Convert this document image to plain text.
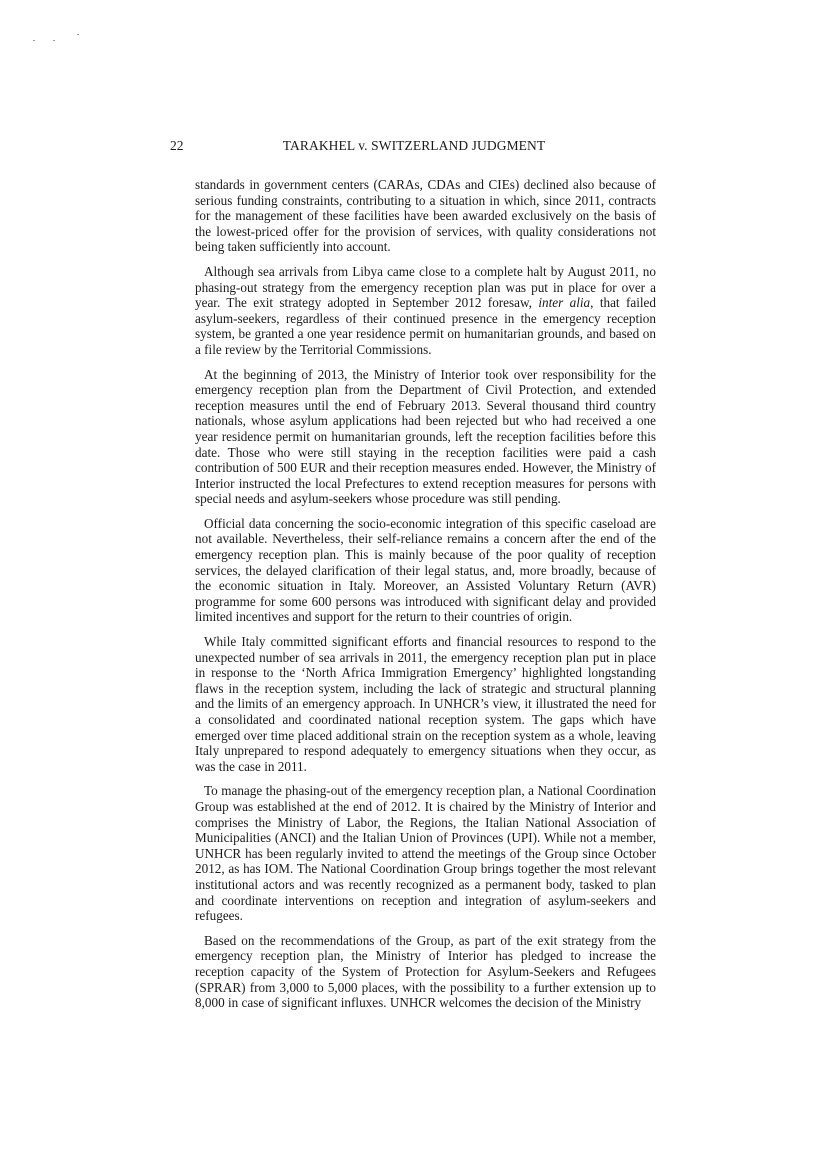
22	TARAKHEL v. SWITZERLAND JUDGMENT

standards in government centers (CARAs, CDAs and CIEs) declined also because of serious funding constraints, contributing to a situation in which, since 2011, contracts for the management of these facilities have been awarded exclusively on the basis of the lowest-priced offer for the provision of services, with quality considerations not being taken sufficiently into account.

Although sea arrivals from Libya came close to a complete halt by August 2011, no phasing-out strategy from the emergency reception plan was put in place for over a year. The exit strategy adopted in September 2012 foresaw, inter alia, that failed asylum-seekers, regardless of their continued presence in the emergency reception system, be granted a one year residence permit on humanitarian grounds, and based on a file review by the Territorial Commissions.

At the beginning of 2013, the Ministry of Interior took over responsibility for the emergency reception plan from the Department of Civil Protection, and extended reception measures until the end of February 2013. Several thousand third country nationals, whose asylum applications had been rejected but who had received a one year residence permit on humanitarian grounds, left the reception facilities before this date. Those who were still staying in the reception facilities were paid a cash contribution of 500 EUR and their reception measures ended. However, the Ministry of Interior instructed the local Prefectures to extend reception measures for persons with special needs and asylum-seekers whose procedure was still pending.

Official data concerning the socio-economic integration of this specific caseload are not available. Nevertheless, their self-reliance remains a concern after the end of the emergency reception plan. This is mainly because of the poor quality of reception services, the delayed clarification of their legal status, and, more broadly, because of the economic situation in Italy. Moreover, an Assisted Voluntary Return (AVR) programme for some 600 persons was introduced with significant delay and provided limited incentives and support for the return to their countries of origin.

While Italy committed significant efforts and financial resources to respond to the unexpected number of sea arrivals in 2011, the emergency reception plan put in place in response to the ‘North Africa Immigration Emergency’ highlighted longstanding flaws in the reception system, including the lack of strategic and structural planning and the limits of an emergency approach. In UNHCR’s view, it illustrated the need for a consolidated and coordinated national reception system. The gaps which have emerged over time placed additional strain on the reception system as a whole, leaving Italy unprepared to respond adequately to emergency situations when they occur, as was the case in 2011.

To manage the phasing-out of the emergency reception plan, a National Coordination Group was established at the end of 2012. It is chaired by the Ministry of Interior and comprises the Ministry of Labor, the Regions, the Italian National Association of Municipalities (ANCI) and the Italian Union of Provinces (UPI). While not a member, UNHCR has been regularly invited to attend the meetings of the Group since October 2012, as has IOM. The National Coordination Group brings together the most relevant institutional actors and was recently recognized as a permanent body, tasked to plan and coordinate interventions on reception and integration of asylum-seekers and refugees.

Based on the recommendations of the Group, as part of the exit strategy from the emergency reception plan, the Ministry of Interior has pledged to increase the reception capacity of the System of Protection for Asylum-Seekers and Refugees (SPRAR) from 3,000 to 5,000 places, with the possibility to a further extension up to 8,000 in case of significant influxes. UNHCR welcomes the decision of the Ministry
